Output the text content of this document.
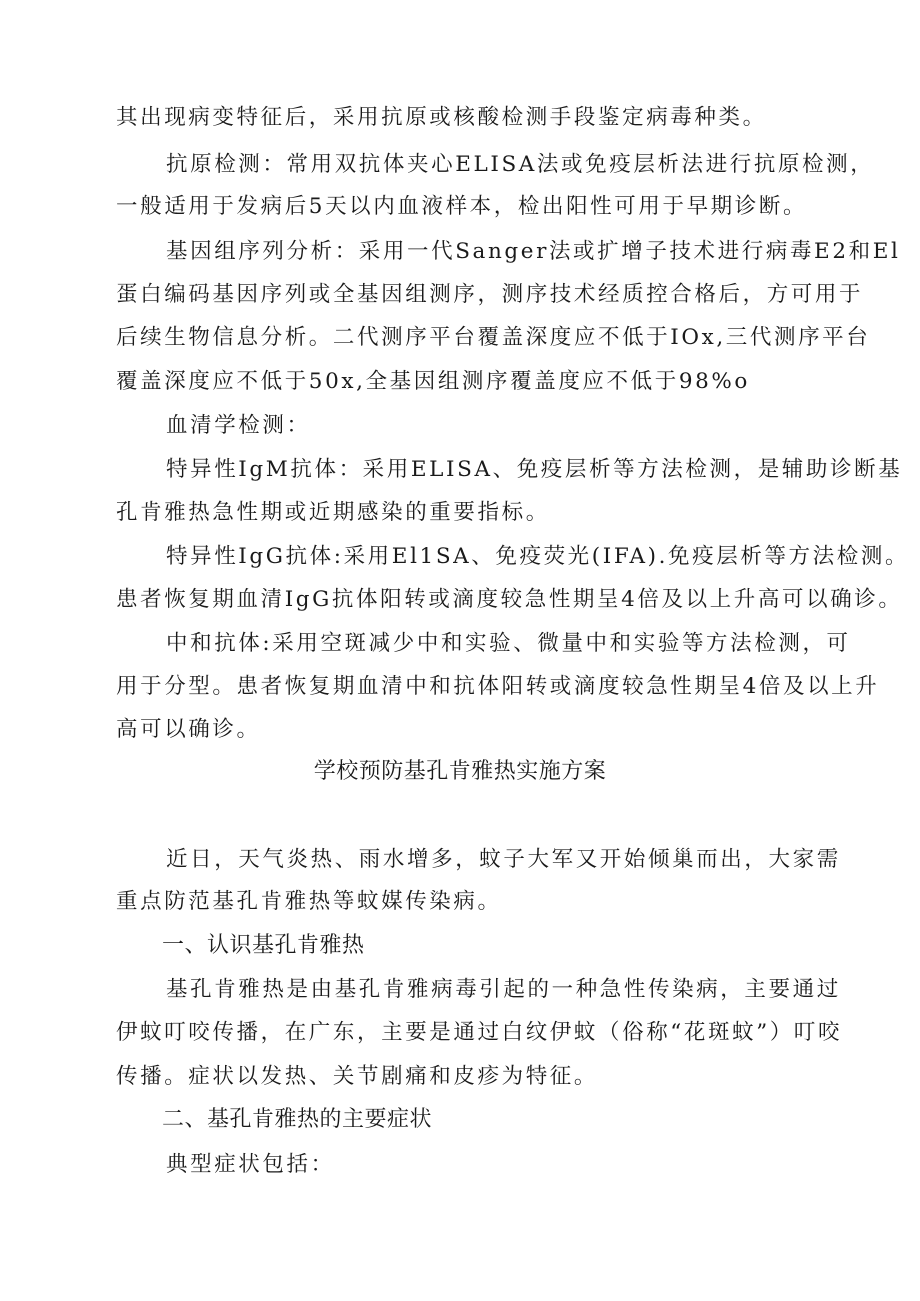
其出现病变特征后，采用抗原或核酸检测手段鉴定病毒种类。
抗原检测：常用双抗体夹心ELISA法或免疫层析法进行抗原检测，
一般适用于发病后5天以内血液样本，检出阳性可用于早期诊断。
基因组序列分析：采用一代Sanger法或扩增子技术进行病毒E2和El
蛋白编码基因序列或全基因组测序，测序技术经质控合格后，方可用于
后续生物信息分析。二代测序平台覆盖深度应不低于IOx,三代测序平台
覆盖深度应不低于50x,全基因组测序覆盖度应不低于98%o
血清学检测：
特异性IgM抗体：采用ELISA、免疫层析等方法检测，是辅助诊断基
孔肯雅热急性期或近期感染的重要指标。
特异性IgG抗体:采用El1SA、免疫荧光(IFA).免疫层析等方法检测。
患者恢复期血清IgG抗体阳转或滴度较急性期呈4倍及以上升高可以确诊。
中和抗体:采用空斑减少中和实验、微量中和实验等方法检测，可
用于分型。患者恢复期血清中和抗体阳转或滴度较急性期呈4倍及以上升
高可以确诊。
学校预防基孔肯雅热实施方案
近日，天气炎热、雨水增多，蚊子大军又开始倾巢而出，大家需
重点防范基孔肯雅热等蚊媒传染病。
一、认识基孔肯雅热
基孔肯雅热是由基孔肯雅病毒引起的一种急性传染病，主要通过
伊蚊叮咬传播，在广东，主要是通过白纹伊蚊（俗称“花斑蚊”）叮咬
传播。症状以发热、关节剧痛和皮疹为特征。
二、基孔肯雅热的主要症状
典型症状包括：
